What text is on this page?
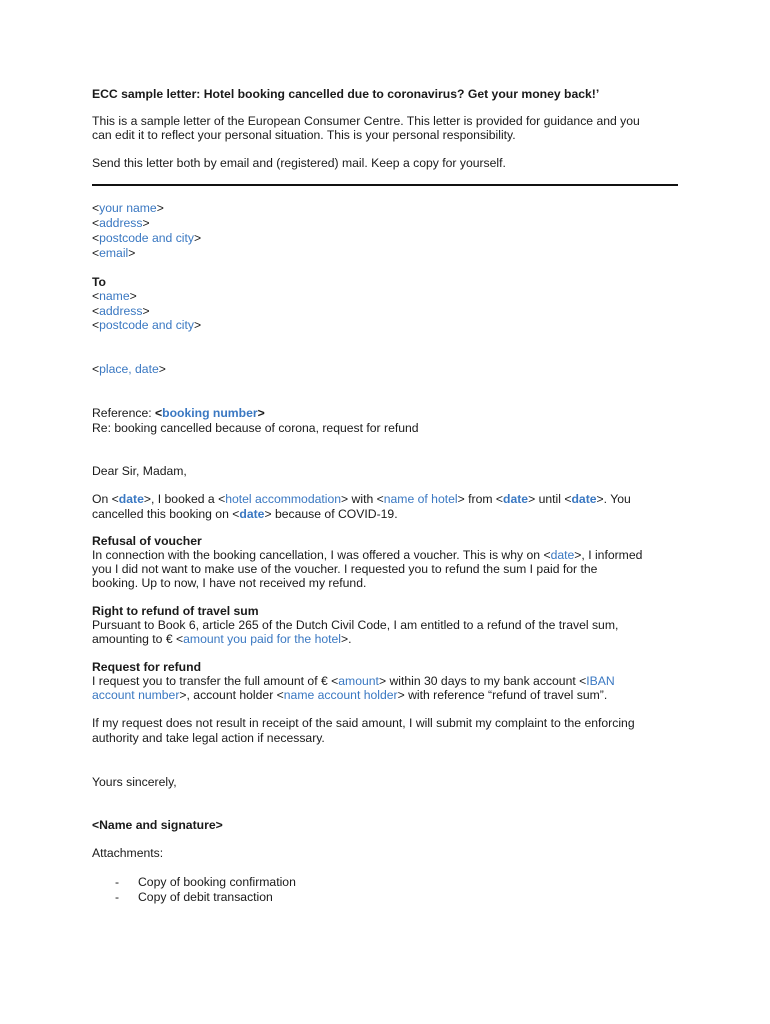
ECC sample letter: Hotel booking cancelled due to coronavirus? Get your money back!’
This is a sample letter of the European Consumer Centre. This letter is provided for guidance and you
can edit it to reflect your personal situation. This is your personal responsibility.
Send this letter both by email and (registered) mail. Keep a copy for yourself.
<your name>
<address>
<postcode and city>
<email>
To
<name>
<address>
<postcode and city>
<place, date>
Reference: <booking number>
Re: booking cancelled because of corona, request for refund
Dear Sir, Madam,
On <date>, I booked a <hotel accommodation> with <name of hotel> from <date> until <date>. You
cancelled this booking on <date> because of COVID-19.
Refusal of voucher
In connection with the booking cancellation, I was offered a voucher. This is why on <date>, I informed
you I did not want to make use of the voucher. I requested you to refund the sum I paid for the
booking. Up to now, I have not received my refund.
Right to refund of travel sum
Pursuant to Book 6, article 265 of the Dutch Civil Code, I am entitled to a refund of the travel sum,
amounting to € <amount you paid for the hotel>.
Request for refund
I request you to transfer the full amount of € <amount> within 30 days to my bank account <IBAN
account number>, account holder <name account holder> with reference “refund of travel sum”.
If my request does not result in receipt of the said amount, I will submit my complaint to the enforcing
authority and take legal action if necessary.
Yours sincerely,
<Name and signature>
Attachments:
- Copy of booking confirmation
- Copy of debit transaction
